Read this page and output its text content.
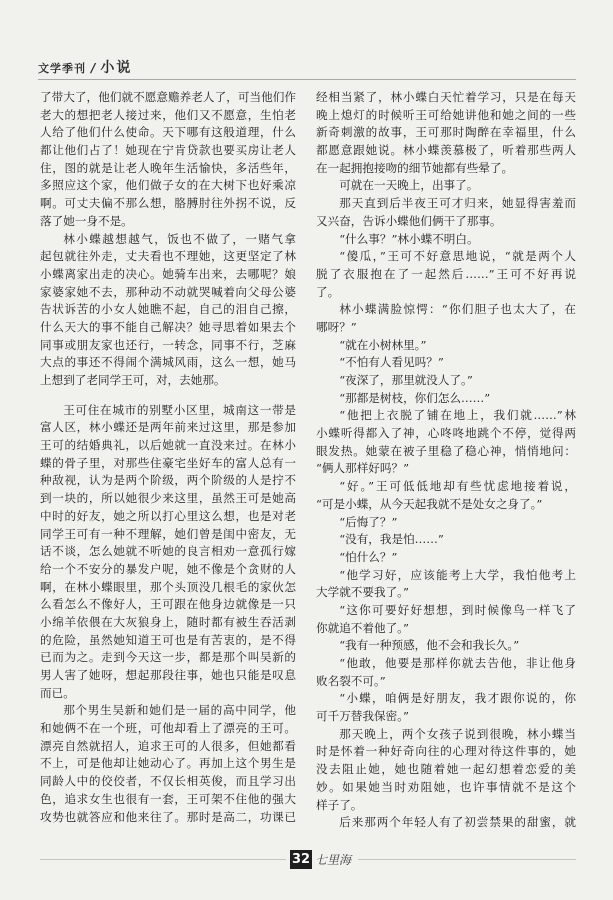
文学季刊 / 小说
了带大了，他们就不愿意赡养老人了，可当他们作
老大的想把老人接过来，他们又不愿意，生怕老
人给了他们什么使命。天下哪有这般道理，什么
都让他们占了！她现在宁肯贷款也要买房让老人
住，图的就是让老人晚年生活愉快，多活些年，
多照应这个家，他们做子女的在大树下也好乘凉
啊。可丈夫偏不那么想，胳膊肘往外拐不说，反
落了她一身不是。
林小蝶越想越气，饭也不做了，一赌气拿
起包就往外走，丈夫看也不理她，这更坚定了林
小蝶离家出走的决心。她骑车出来，去哪呢？娘
家婆家她不去，那种动不动就哭喊着向父母公婆
告状诉苦的小女人她瞧不起，自己的泪自己擦，
什么天大的事不能自己解决？她寻思着如果去个
同事或朋友家也还行，一转念，同事不行，芝麻
大点的事还不得闹个满城风雨，这么一想，她马
上想到了老同学王可，对，去她那。
王可住在城市的别墅小区里，城南这一带是
富人区，林小蝶还是两年前来过这里，那是参加
王可的结婚典礼，以后她就一直没来过。在林小
蝶的骨子里，对那些住豪宅坐好车的富人总有一
种敌视，认为是两个阶级，两个阶级的人是拧不
到一块的，所以她很少来这里，虽然王可是她高
中时的好友，她之所以打心里这么想，也是对老
同学王可有一种不理解，她们曾是闺中密友，无
话不谈，怎么她就不听她的良言相劝一意孤行嫁
给一个不安分的暴发户呢，她不像是个贪财的人
啊，在林小蝶眼里，那个头顶没几根毛的家伙怎
么看怎么不像好人，王可跟在他身边就像是一只
小绵羊依偎在大灰狼身上，随时都有被生吞活剥
的危险，虽然她知道王可也是有苦衷的，是不得
已而为之。走到今天这一步，都是那个叫吴新的
男人害了她呀，想起那段往事，她也只能是叹息
而已。
那个男生吴新和她们是一届的高中同学，他
和她俩不在一个班，可他却看上了漂亮的王可。
漂亮自然就招人，追求王可的人很多，但她都看
不上，可是他却让她动心了。再加上这个男生是
同龄人中的佼佼者，不仅长相英俊，而且学习出
色，追求女生也很有一套，王可架不住他的强大
攻势也就答应和他来往了。那时是高二，功课已
经相当紧了，林小蝶白天忙着学习，只是在每天
晚上熄灯的时候听王可给她讲他和她之间的一些
新奇刺激的故事，王可那时陶醉在幸福里，什么
都愿意跟她说。林小蝶羡慕极了，听着那些两人
在一起拥抱接吻的细节她都有些晕了。
可就在一天晚上，出事了。
那天直到后半夜王可才归来，她显得害羞而
又兴奋，告诉小蝶他们俩干了那事。
“什么事？”林小蝶不明白。
“傻瓜，”王可不好意思地说，“就是两个人
脱了衣服抱在了一起然后……”王可不好再说
了。
林小蝶满脸惊愕：“你们胆子也太大了，在
哪呀？”
“就在小树林里。”
“不怕有人看见吗？”
“夜深了，那里就没人了。”
“那都是树枝，你们怎么……”
“他把上衣脱了铺在地上，我们就……”林
小蝶听得都入了神，心咚咚地跳个不停，觉得两
眼发热。她蒙在被子里稳了稳心神，悄悄地问：
“俩人那样好吗？”
“好。”王可低低地却有些忧虑地接着说，
“可是小蝶，从今天起我就不是处女之身了。”
“后悔了？”
“没有，我是怕……”
“怕什么？”
“他学习好，应该能考上大学，我怕他考上
大学就不要我了。”
“这你可要好好想想，到时候像鸟一样飞了
你就追不着他了。”
“我有一种预感，他不会和我长久。”
“他敢，他要是那样你就去告他，非让他身
败名裂不可。”
“小蝶，咱俩是好朋友，我才跟你说的，你
可千万替我保密。”
那天晚上，两个女孩子说到很晚，林小蝶当
时是怀着一种好奇向往的心理对待这件事的，她
没去阻止她，她也随着她一起幻想着恋爱的美
妙。如果她当时劝阻她，也许事情就不是这个
样子了。
后来那两个年轻人有了初尝禁果的甜蜜，就
32 七里海
